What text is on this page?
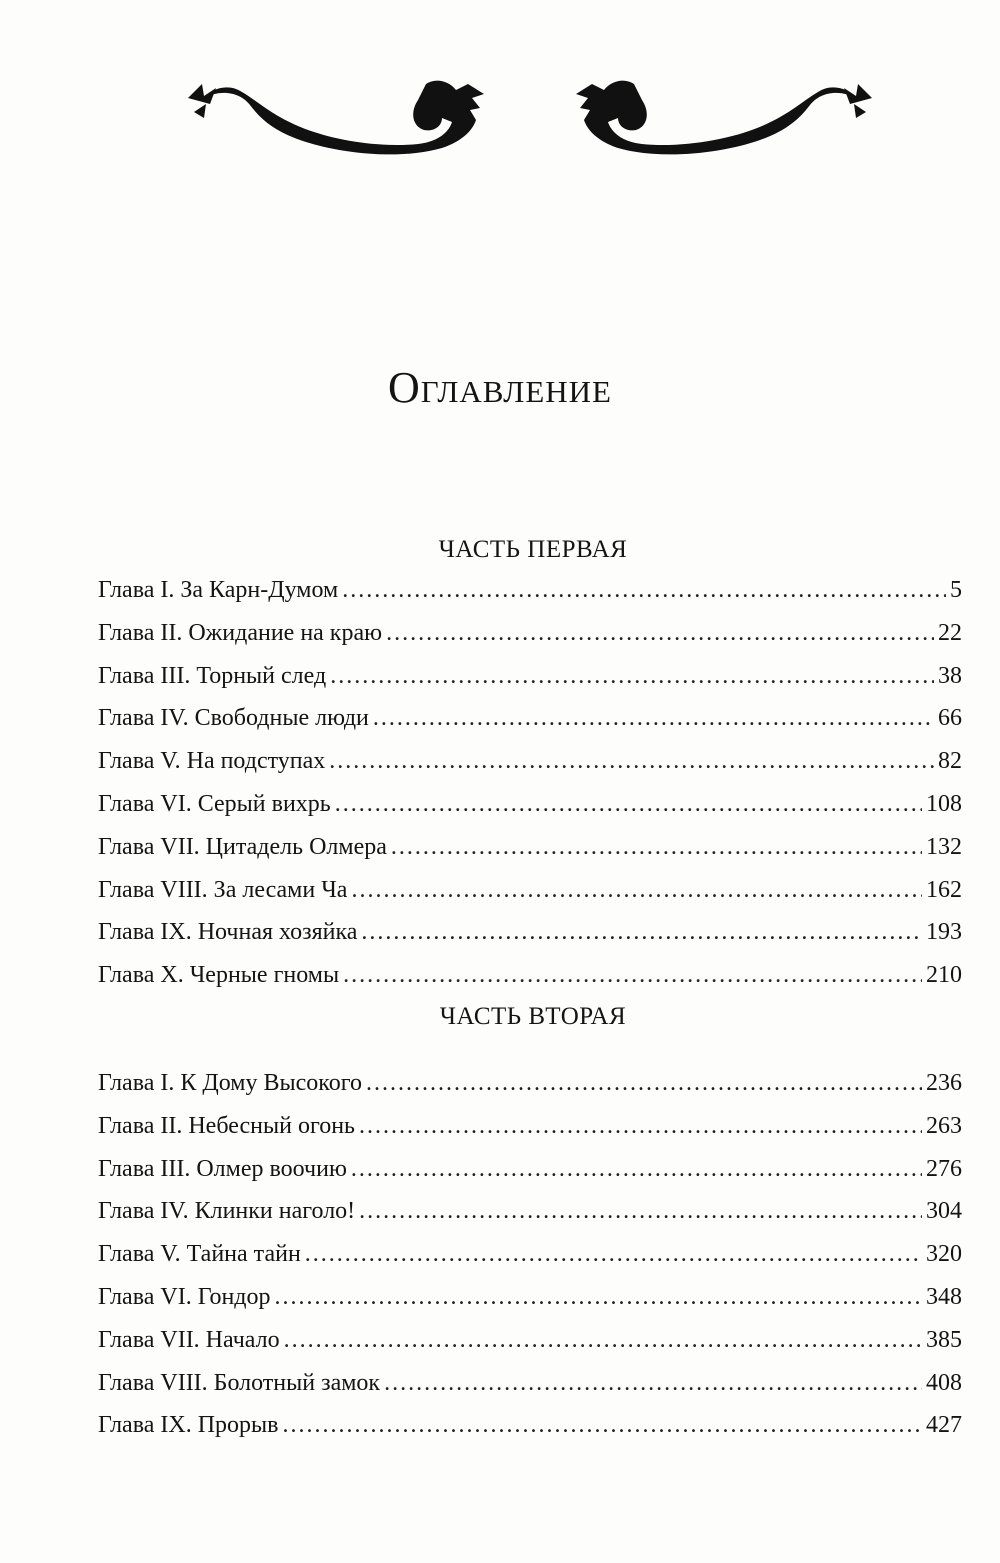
Оглавление
ЧАСТЬ ПЕРВАЯ
Глава I. За Карн-Думом . . .	5
Глава II. Ожидание на краю . . .	22
Глава III. Торный след . . .	38
Глава IV. Свободные люди . . .	66
Глава V. На подступах . . .	82
Глава VI. Серый вихрь . . .	108
Глава VII. Цитадель Олмера . . .	132
Глава VIII. За лесами Ча . . .	162
Глава IX. Ночная хозяйка . . .	193
Глава X. Черные гномы . . .	210
ЧАСТЬ ВТОРАЯ
Глава I. К Дому Высокого . . .	236
Глава II. Небесный огонь . . .	263
Глава III. Олмер воочию . . .	276
Глава IV. Клинки наголо! . . .	304
Глава V. Тайна тайн . . .	320
Глава VI. Гондор . . .	348
Глава VII. Начало . . .	385
Глава VIII. Болотный замок . . .	408
Глава IX. Прорыв . . .	427
